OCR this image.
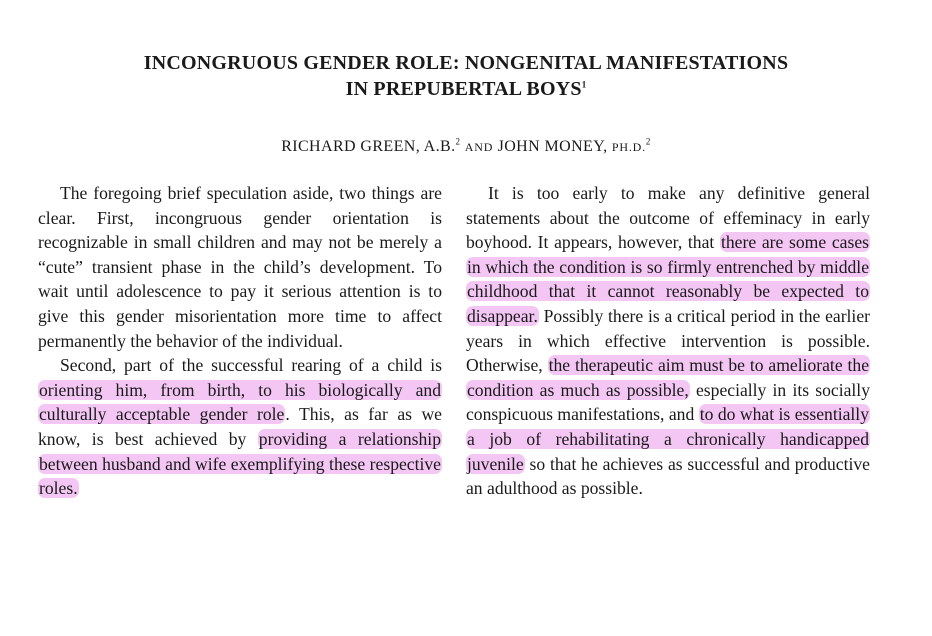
INCONGRUOUS GENDER ROLE: NONGENITAL MANIFESTATIONS
IN PREPUBERTAL BOYS$^1$
RICHARD GREEN, A.B.$^2$ AND JOHN MONEY, PH.D.$^2$

The foregoing brief speculation aside, two things are clear. First, incongruous gender orientation is recognizable in small children and may not be merely a “cute” transient phase in the child’s development. To wait until adolescence to pay it serious attention is to give this gender misorientation more time to affect permanently the behavior of the individual.

Second, part of the successful rearing of a child is orienting him, from birth, to his biologically and culturally acceptable gender role. This, as far as we know, is best achieved by providing a relationship between husband and wife exemplifying these respective roles.

It is too early to make any definitive general statements about the outcome of effeminacy in early boyhood. It appears, however, that there are some cases in which the condition is so firmly entrenched by middle childhood that it cannot reasonably be expected to disappear. Possibly there is a critical period in the earlier years in which effective intervention is possible. Otherwise, the therapeutic aim must be to ameliorate the condition as much as possible, especially in its socially conspicuous manifestations, and to do what is essentially a job of rehabilitating a chronically handicapped juvenile so that he achieves as successful and productive an adulthood as possible.
